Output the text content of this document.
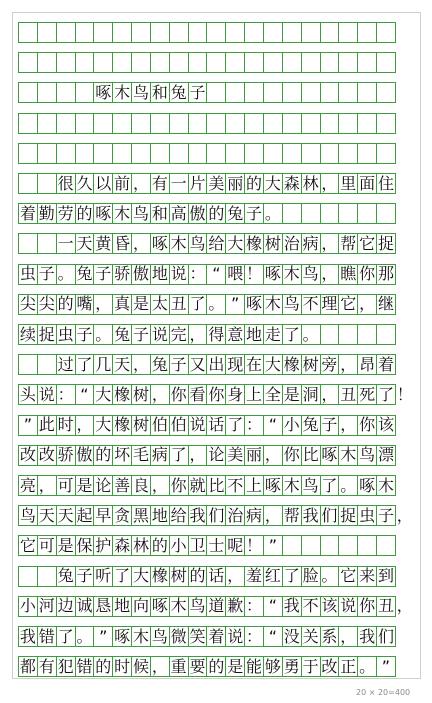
啄 木 鸟 和 兔 子
很 久 以 前 ， 有 一 片 美 丽 的 大 森 林 ， 里 面 住
着 勤 劳 的 啄 木 鸟 和 高 傲 的 兔 子 。
一 天 黄 昏 ， 啄 木 鸟 给 大 橡 树 治 病 ， 帮 它 捉
虫 子 。 兔 子 骄 傲 地 说 ： “ 喂 ！ 啄 木 鸟 ， 瞧 你 那
尖 尖 的 嘴 ， 真 是 太 丑 了 。 ” 啄 木 鸟 不 理 它 ， 继
续 捉 虫 子 。 兔 子 说 完 ， 得 意 地 走 了 。
过 了 几 天 ， 兔 子 又 出 现 在 大 橡 树 旁 ， 昂 着
头 说 ： “ 大 橡 树 ， 你 看 你 身 上 全 是 洞 ， 丑 死 了 ！
” 此 时 ， 大 橡 树 伯 伯 说 话 了 ： “ 小 兔 子 ， 你 该
改 改 骄 傲 的 坏 毛 病 了 ， 论 美 丽 ， 你 比 啄 木 鸟 漂
亮 ， 可 是 论 善 良 ， 你 就 比 不 上 啄 木 鸟 了 。 啄 木
鸟 天 天 起 早 贪 黑 地 给 我 们 治 病 ， 帮 我 们 捉 虫 子 ，
它 可 是 保 护 森 林 的 小 卫 士 呢 ！ ”
兔 子 听 了 大 橡 树 的 话 ， 羞 红 了 脸 。 它 来 到
小 河 边 诚 恳 地 向 啄 木 鸟 道 歉 ： “ 我 不 该 说 你 丑 ，
我 错 了 。 ” 啄 木 鸟 微 笑 着 说 ： “ 没 关 系 ， 我 们
都 有 犯 错 的 时 候 ， 重 要 的 是 能 够 勇 于 改 正 。 ”
20 × 20=400
